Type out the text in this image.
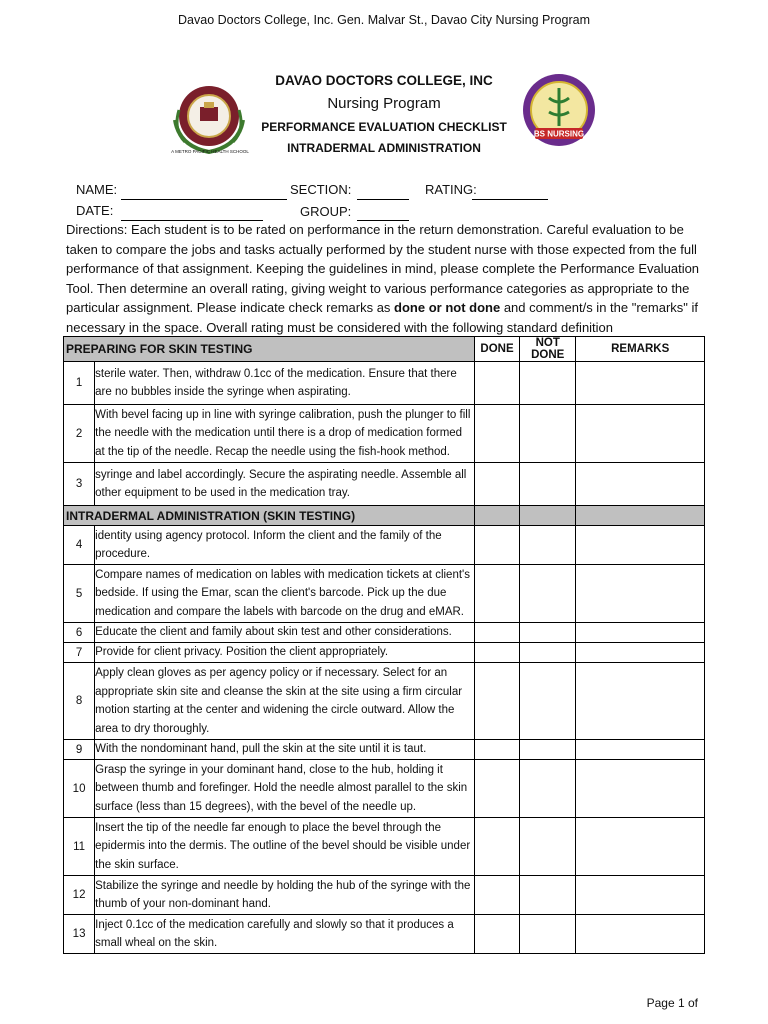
Davao Doctors College, Inc. Gen. Malvar St., Davao City Nursing Program
A METRO PACIFIC HEALTH SCHOOL
DAVAO DOCTORS COLLEGE, INC
Nursing Program
PERFORMANCE EVALUATION CHECKLIST
INTRADERMAL ADMINISTRATION
BS NURSING
NAME:	SECTION:	RATING:
DATE:	GROUP:
Directions: Each student is to be rated on performance in the return demonstration. Careful evaluation to be taken to compare the jobs and tasks actually performed by the student nurse with those expected from the full performance of that assignment. Keeping the guidelines in mind, please complete the Performance Evaluation Tool. Then determine an overall rating, giving weight to various performance categories as appropriate to the particular assignment. Please indicate check remarks as done or not done and comment/s in the "remarks" if necessary in the space. Overall rating must be considered with the following standard definition
PREPARING FOR SKIN TESTING		DONE	NOT DONE	REMARKS
1	sterile water. Then, withdraw 0.1cc of the medication. Ensure that there are no bubbles inside the syringe when aspirating.			
2	With bevel facing up in line with syringe calibration, push the plunger to fill the needle with the medication until there is a drop of medication formed at the tip of the needle. Recap the needle using the fish-hook method.			
3	syringe and label accordingly. Secure the aspirating needle. Assemble all other equipment to be used in the medication tray.			
INTRADERMAL ADMINISTRATION (SKIN TESTING)				
4	identity using agency protocol. Inform the client and the family of the procedure.			
5	Compare names of medication on lables with medication tickets at client's bedside. If using the Emar, scan the client's barcode. Pick up the due medication and compare the labels with barcode on the drug and eMAR.			
6	Educate the client and family about skin test and other considerations.			
7	Provide for client privacy. Position the client appropriately.			
8	Apply clean gloves as per agency policy or if necessary. Select for an appropriate skin site and cleanse the skin at the site using a firm circular motion starting at the center and widening the circle outward. Allow the area to dry thoroughly.			
9	With the nondominant hand, pull the skin at the site until it is taut.			
10	Grasp the syringe in your dominant hand, close to the hub, holding it between thumb and forefinger. Hold the needle almost parallel to the skin surface (less than 15 degrees), with the bevel of the needle up.			
11	Insert the tip of the needle far enough to place the bevel through the epidermis into the dermis. The outline of the bevel should be visible under the skin surface.			
12	Stabilize the syringe and needle by holding the hub of the syringe with the thumb of your non-dominant hand.			
13	Inject 0.1cc of the medication carefully and slowly so that it produces a small wheal on the skin.			
Page 1 of
